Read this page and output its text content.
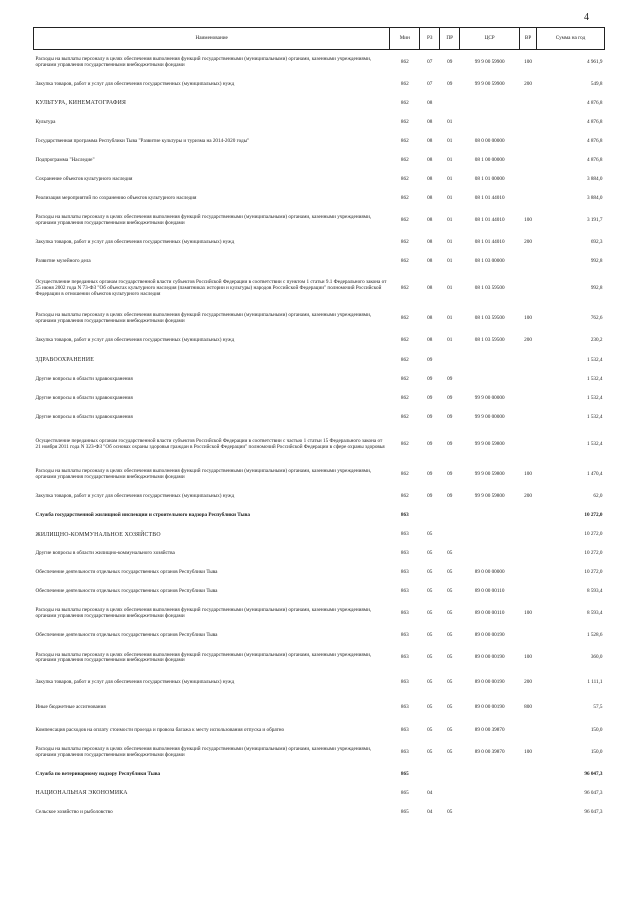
4
Наименование	Мин	РЗ	ПР	ЦСР	ВР	Сумма на год
Расходы на выплаты персоналу в целях обеспечения выполнения функций государственными (муниципальными) органами, казенными учреждениями, органами управления государственными внебюджетными фондами	862	07	09	99 9 00 59900	100	4 961,9
Закупка товаров, работ и услуг для обеспечения государственных (муниципальных) нужд	862	07	09	99 9 00 59900	200	549,8
КУЛЬТУРА, КИНЕМАТОГРАФИЯ	862	08				4 876,8
Культура	862	08	01			4 876,8
Государственная программа Республики Тыва "Развитие культуры и туризма на 2014-2020 годы"	862	08	01	08 0 00 00000		4 876,8
Подпрограмма "Наследие"	862	08	01	08 1 00 00000		4 876,8
Сохранение объектов культурного наследия	862	08	01	08 1 01 00000		3 884,0
Реализация мероприятий по сохранению объектов культурного наследия	862	08	01	08 1 01 44010		3 884,0
Расходы на выплаты персоналу в целях обеспечения выполнения функций государственными (муниципальными) органами, казенными учреждениями, органами управления государственными внебюджетными фондами	862	08	01	08 1 01 44010	100	3 191,7
Закупка товаров, работ и услуг для обеспечения государственных (муниципальных) нужд	862	08	01	08 1 01 44010	200	692,3
Развитие музейного дела	862	08	01	08 1 03 00000		992,8
Осуществление переданных органам государственной власти субъектов Российской Федерации в соответствии с пунктом 1 статьи 9.1 Федерального закона от 25 июня 2002 года N 73-ФЗ "Об объектах культурного наследия (памятниках истории и культуры) народов Российской Федерации" полномочий Российской Федерации в отношении объектов культурного наследия	862	08	01	08 1 03 59500		992,8
Расходы на выплаты персоналу в целях обеспечения выполнения функций государственными (муниципальными) органами, казенными учреждениями, органами управления государственными внебюджетными фондами	862	08	01	08 1 03 59500	100	762,6
Закупка товаров, работ и услуг для обеспечения государственных (муниципальных) нужд	862	08	01	08 1 03 59500	200	230,2
ЗДРАВООХРАНЕНИЕ	862	09				1 532,4
Другие вопросы в области здравоохранения	862	09	09			1 532,4
Другие вопросы в области здравоохранения	862	09	09	99 9 00 00000		1 532,4
Другие вопросы в области здравоохранения	862	09	09	99 9 00 00000		1 532,4
Осуществление переданных органам государственной власти субъектов Российской Федерации в соответствии с частью 1 статьи 15 Федерального закона от 21 ноября 2011 года N 323-ФЗ "Об основах охраны здоровья граждан в Российской Федерации" полномочий Российской Федерации в сфере охраны здоровья	862	09	09	99 9 00 59800		1 532,4
Расходы на выплаты персоналу в целях обеспечения выполнения функций государственными (муниципальными) органами, казенными учреждениями, органами управления государственными внебюджетными фондами	862	09	09	99 9 00 59800	100	1 470,4
Закупка товаров, работ и услуг для обеспечения государственных (муниципальных) нужд	862	09	09	99 9 00 59800	200	62,0
Служба государственной жилищной инспекции и строительного надзора Республики Тыва	863					10 272,0
ЖИЛИЩНО-КОММУНАЛЬНОЕ ХОЗЯЙСТВО	863	05				10 272,0
Другие вопросы в области жилищно-коммунального хозяйства	863	05	05			10 272,0
Обеспечение деятельности отдельных государственных органов Республики Тыва	863	05	05	89 0 00 00000		10 272,0
Обеспечение деятельности отдельных государственных органов Республики Тыва	863	05	05	89 0 00 00110		8 593,4
Расходы на выплаты персоналу в целях обеспечения выполнения функций государственными (муниципальными) органами, казенными учреждениями, органами управления государственными внебюджетными фондами	863	05	05	89 0 00 00110	100	8 593,4
Обеспечение деятельности отдельных государственных органов Республики Тыва	863	05	05	89 0 00 00190		1 528,6
Расходы на выплаты персоналу в целях обеспечения выполнения функций государственными (муниципальными) органами, казенными учреждениями, органами управления государственными внебюджетными фондами	863	05	05	89 0 00 00190	100	360,0
Закупка товаров, работ и услуг для обеспечения государственных (муниципальных) нужд	863	05	05	89 0 00 00190	200	1 111,1
Иные бюджетные ассигнования	863	05	05	89 0 00 00190	800	57,5
Компенсация расходов на оплату стоимости проезда и провоза багажа к месту использования отпуска и обратно	863	05	05	89 0 00 39870		150,0
Расходы на выплаты персоналу в целях обеспечения выполнения функций государственными (муниципальными) органами, казенными учреждениями, органами управления государственными внебюджетными фондами	863	05	05	89 0 00 39870	100	150,0
Служба по ветеринарному надзору Республики Тыва	865					96 047,3
НАЦИОНАЛЬНАЯ ЭКОНОМИКА	865	04				96 047,3
Сельское хозяйство и рыболовство	865	04	05			96 047,3
